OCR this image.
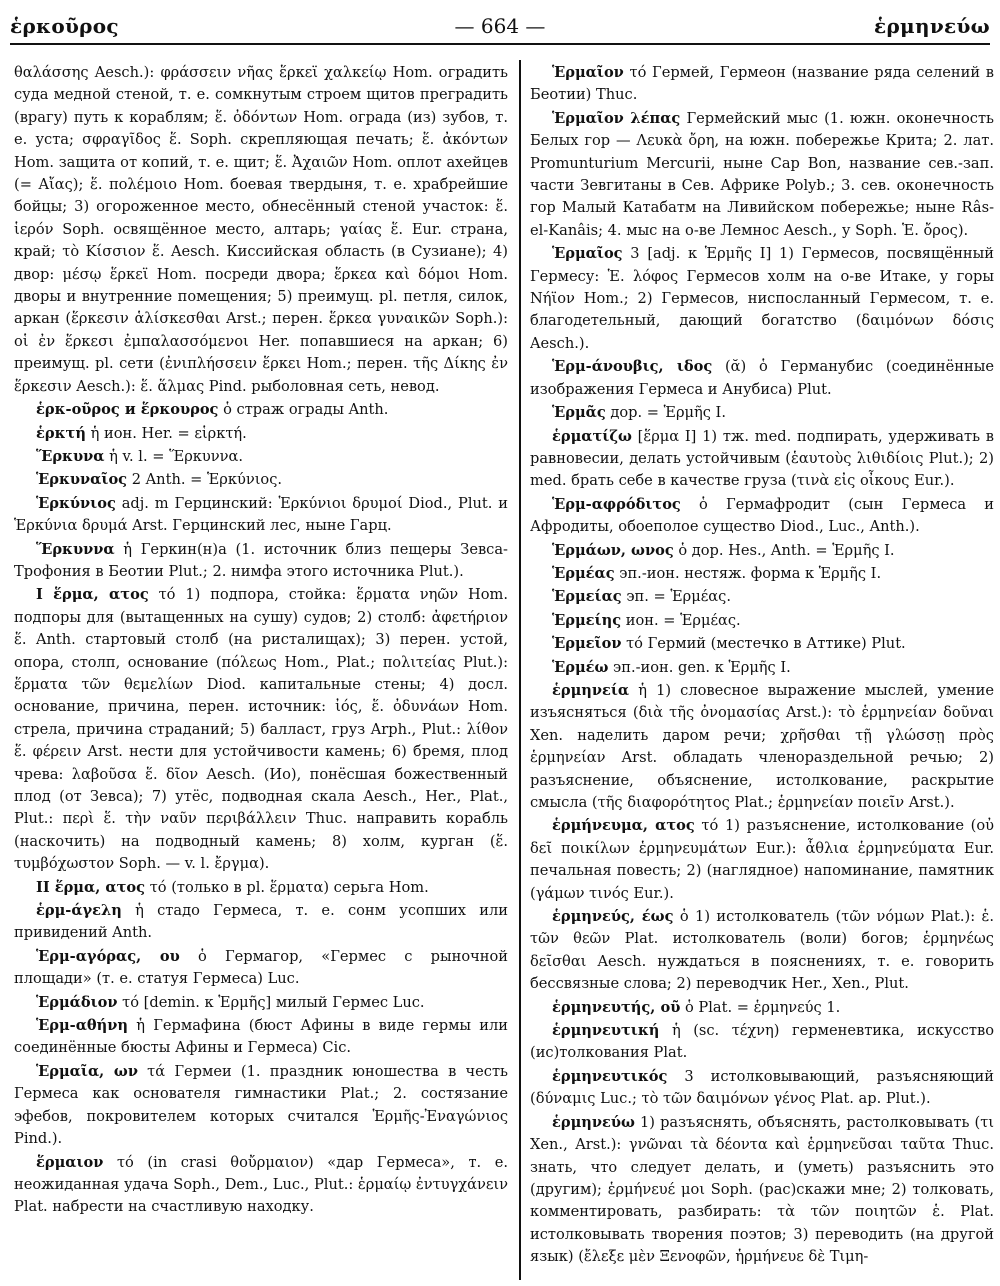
ἑρκοῦρος	— 664 —	ἑρμηνεύω

θαλάσσης Aesch.): φράσσειν νῆας ἕρκεϊ χαλκείῳ Hom. оградить суда медной стеной, т. е. сомкнутым строем щитов преградить (врагу) путь к кораблям; ἕ. ὀδόντων Hom. ограда (из) зубов, т. е. уста; σφραγῖδος ἕ. Soph. скрепляющая печать; ἕ. ἀκόντων Hom. защита от копий, т. е. щит; ἕ. Ἀχαιῶν Hom. оплот ахейцев (= Αἴας); ἕ. πολέμοιο Hom. боевая твердыня, т. е. храбрейшие бойцы; 3) огороженное место, обнесённый стеной участок: ἕ. ἱερόν Soph. освящённое место, алтарь; γαίας ἕ. Eur. страна, край; τὸ Κίσσιον ἕ. Aesch. Киссийская область (в Сузиане); 4) двор: μέσῳ ἕρκεϊ Hom. посреди двора; ἕρκεα καὶ δόμοι Hom. дворы и внутренние помещения; 5) преимущ. pl. петля, силок, аркан (ἕρκεσιν ἁλίσκεσθαι Arst.; перен. ἕρκεα γυναικῶν Soph.): οἱ ἐν ἕρκεσι ἐμπαλασσόμενοι Her. попавшиеся на аркан; 6) преимущ. pl. сети (ἐνιπλήσσειν ἕρκει Hom.; перен. τῆς Δίκης ἐν ἕρκεσιν Aesch.): ἕ. ἅλμας Pind. рыболовная сеть, невод.

ἑρκ-οῦρος и ἕρκουρος ὁ страж ограды Anth.

ἑρκτή ἡ ион. Her. = εἱρκτή.

Ἕρκυνα ἡ v. l. = Ἕρκυννα.

Ἑρκυναῖος 2 Anth. = Ἑρκύνιος.

Ἑρκύνιος adj. m Герцинский: Ἑρκύνιοι δρυμοί Diod., Plut. и Ἑρκύνια δρυμά Arst. Герцинский лес, ныне Гарц.

Ἕρκυννα ἡ Геркин(н)а (1. источник близ пещеры Зевса-Трофония в Беотии Plut.; 2. нимфа этого источника Plut.).

I ἕρμα, ατος τό 1) подпора, стойка: ἕρματα νηῶν Hom. подпоры для (вытащенных на сушу) судов; 2) столб: ἀφετήριον ἕ. Anth. стартовый столб (на ристалищах); 3) перен. устой, опора, столп, основание (πόλεως Hom., Plat.; πολιτείας Plut.): ἕρματα τῶν θεμελίων Diod. капитальные стены; 4) досл. основание, причина, перен. источник: ἰός, ἕ. ὀδυνάων Hom. стрела, причина страданий; 5) балласт, груз Arph., Plut.: λίθον ἕ. φέρειν Arst. нести для устойчивости камень; 6) бремя, плод чрева: λαβοῦσα ἕ. δῖον Aesch. (Ио), понёсшая божественный плод (от Зевса); 7) утёс, подводная скала Aesch., Her., Plat., Plut.: περὶ ἕ. τὴν ναῦν περιβάλλειν Thuc. направить корабль (наскочить) на подводный камень; 8) холм, курган (ἕ. τυμβόχωστον Soph. — v. l. ἔργμα).

II ἕρμα, ατος τό (только в pl. ἕρματα) серьга Hom.

ἑρμ-άγελη ἡ стадо Гермеса, т. е. сонм усопших или привидений Anth.

Ἑρμ-αγόρας, ου ὁ Гермагор, «Гермес с рыночной площади» (т. е. статуя Гермеса) Luc.

Ἑρμάδιον τό [demin. к Ἑρμῆς] милый Гермес Luc.

Ἑρμ-αθήνη ἡ Гермафина (бюст Афины в виде гермы или соединённые бюсты Афины и Гермеса) Cic.

Ἑρμαῖα, ων τά Гермеи (1. праздник юношества в честь Гермеса как основателя гимнастики Plat.; 2. состязание эфебов, покровителем которых считался Ἑρμῆς-Ἐναγώνιος Pind.).

ἕρμαιον τό (in crasi θοὔρμαιον) «дар Гермеса», т. е. неожиданная удача Soph., Dem., Luc., Plut.: ἑρμαίῳ ἐντυγχάνειν Plat. набрести на счастливую находку.

Ἑρμαῖον τό Гермей, Гермеон (название ряда селений в Беотии) Thuc.

Ἑρμαῖον λέπας Гермейский мыс (1. южн. оконечность Белых гор — Λευκὰ ὄρη, на южн. побережье Крита; 2. лат. Promunturium Mercurii, ныне Cap Bon, название сев.-зап. части Зевгитаны в Сев. Африке Polyb.; 3. сев. оконечность гор Малый Катабатм на Ливийском побережье; ныне Râs-el-Kanâis; 4. мыс на о-ве Лемнос Aesch., у Soph. Ἑ. ὄρος).

Ἑρμαῖος 3 [adj. к Ἑρμῆς I] 1) Гермесов, посвящённый Гермесу: Ἑ. λόφος Гермесов холм на о-ве Итаке, у горы Νήϊον Hom.; 2) Гермесов, ниспосланный Гермесом, т. е. благодетельный, дающий богатство (δαιμόνων δόσις Aesch.).

Ἑρμ-άνουβις, ιδος (ᾰ) ὁ Германубис (соединённые изображения Гермеса и Анубиса) Plut.

Ἑρμᾶς дор. = Ἑρμῆς I.

ἑρματίζω [ἕρμα I] 1) тж. med. подпирать, удерживать в равновесии, делать устойчивым (ἑαυτοὺς λιθιδίοις Plut.); 2) med. брать себе в качестве груза (τινὰ εἰς οἶκους Eur.).

Ἑρμ-αφρόδιτος ὁ Гермафродит (сын Гермеса и Афродиты, обоеполое существо Diod., Luc., Anth.).

Ἑρμάων, ωνος ὁ дор. Hes., Anth. = Ἑρμῆς I.

Ἑρμέας эп.-ион. нестяж. форма к Ἑρμῆς I.

Ἑρμείας эп. = Ἑρμέας.

Ἑρμείης ион. = Ἑρμέας.

Ἑρμεῖον τό Гермий (местечко в Аттике) Plut.

Ἑρμέω эп.-ион. gen. к Ἑρμῆς I.

ἑρμηνεία ἡ 1) словесное выражение мыслей, умение изъясняться (διὰ τῆς ὀνομασίας Arst.): τὸ ἑρμηνείαν δοῦναι Xen. наделить даром речи; χρῆσθαι τῇ γλώσσῃ πρὸς ἑρμηνείαν Arst. обладать членораздельной речью; 2) разъяснение, объяснение, истолкование, раскрытие смысла (τῆς διαφορότητος Plat.; ἑρμηνείαν ποιεῖν Arst.).

ἑρμήνευμα, ατος τό 1) разъяснение, истолкование (οὐ δεῖ ποικίλων ἑρμηνευμάτων Eur.): ἆθλια ἑρμηνεύματα Eur. печальная повесть; 2) (наглядное) напоминание, памятник (γάμων τινός Eur.).

ἑρμηνεύς, έως ὁ 1) истолкователь (τῶν νόμων Plat.): ἑ. τῶν θεῶν Plat. истолкователь (воли) богов; ἑρμηνέως δεῖσθαι Aesch. нуждаться в пояснениях, т. е. говорить бессвязные слова; 2) переводчик Her., Xen., Plut.

ἑρμηνευτής, οῦ ὁ Plat. = ἑρμηνεύς 1.

ἑρμηνευτική ἡ (sc. τέχνη) герменевтика, искусство (ис)толкования Plat.

ἑρμηνευτικός 3 истолковывающий, разъясняющий (δύναμις Luc.; τὸ τῶν δαιμόνων γένος Plat. ap. Plut.).

ἑρμηνεύω 1) разъяснять, объяснять, растолковывать (τι Xen., Arst.): γνῶναι τὰ δέοντα καὶ ἑρμηνεῦσαι ταῦτα Thuc. знать, что следует делать, и (уметь) разъяснить это (другим); ἑρμήνευέ μοι Soph. (рас)скажи мне; 2) толковать, комментировать, разбирать: τὰ τῶν ποιητῶν ἑ. Plat. истолковывать творения поэтов; 3) переводить (на другой язык) (ἔλεξε μὲν Ξενοφῶν, ἡρμήνευε δὲ Τιμη-
